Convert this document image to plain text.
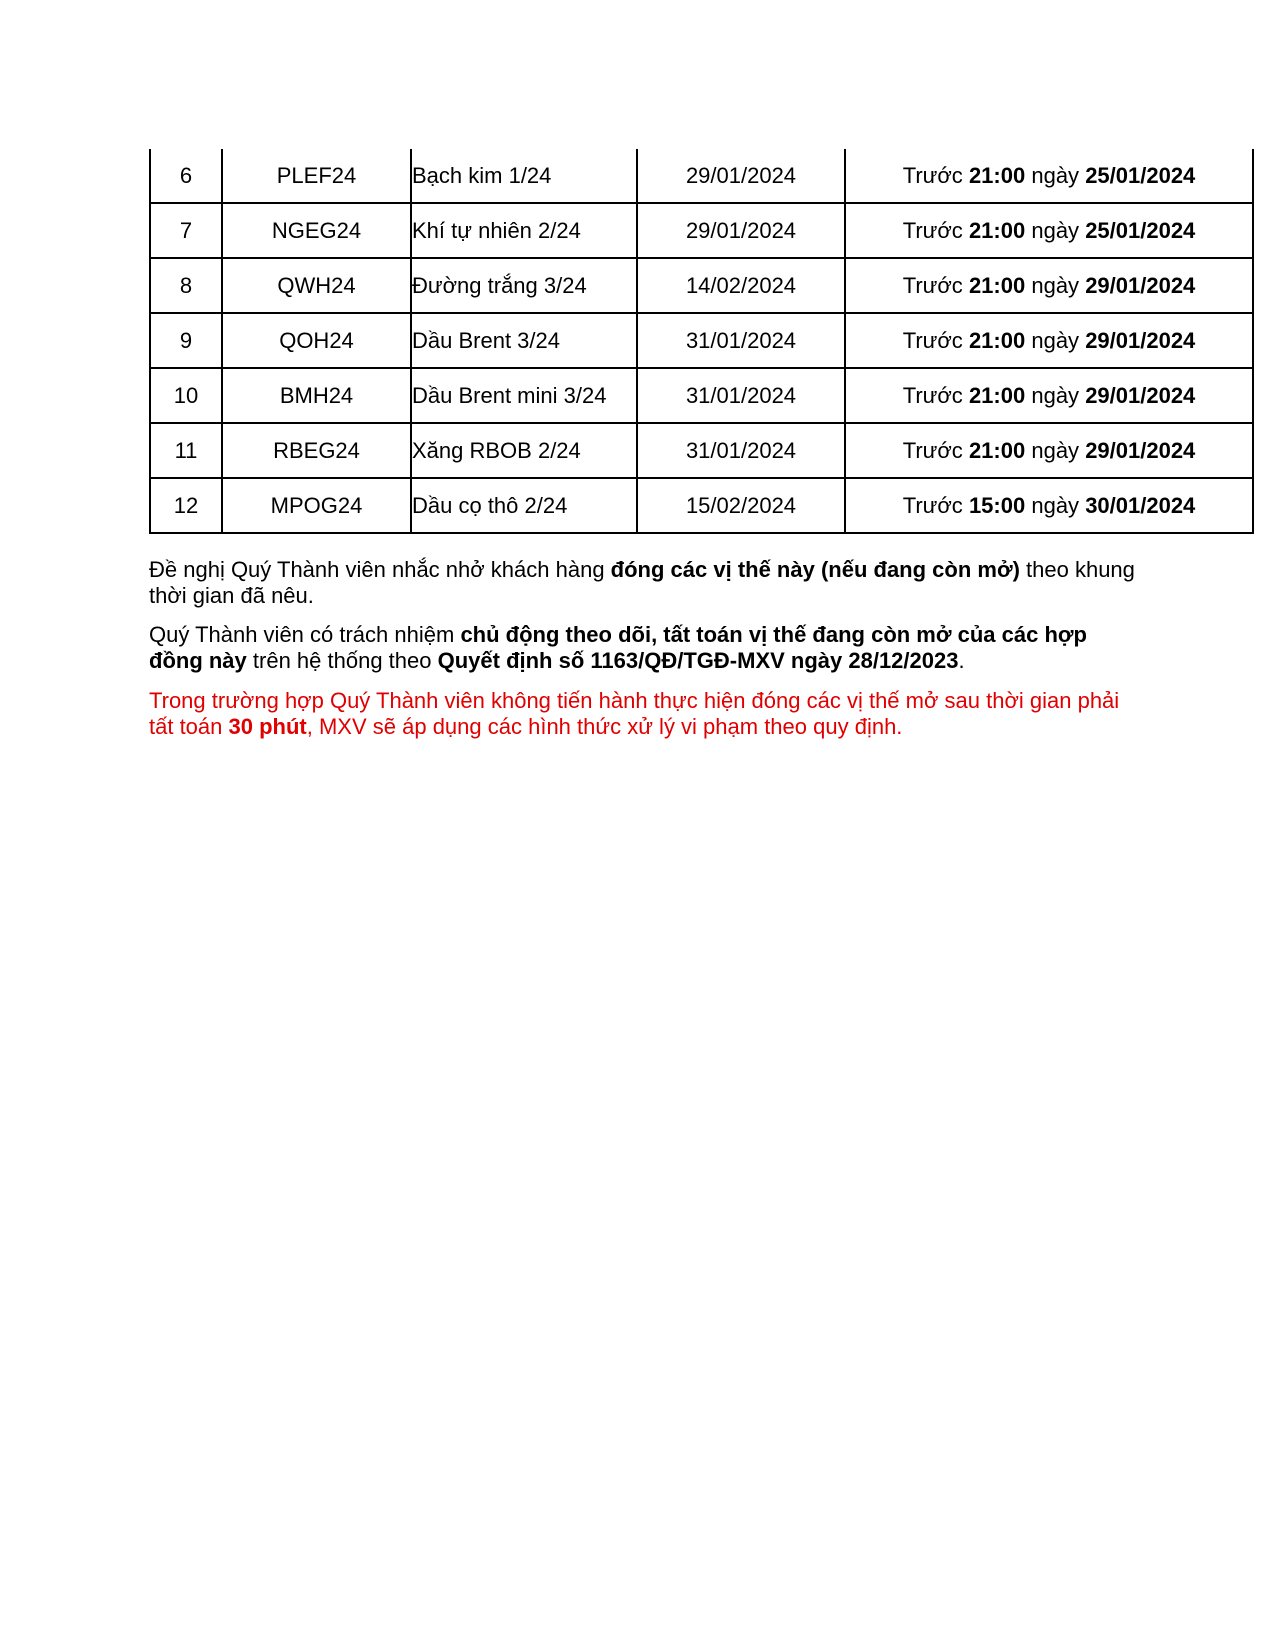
6	PLEF24	Bạch kim 1/24	29/01/2024	Trước 21:00 ngày 25/01/2024
7	NGEG24	Khí tự nhiên 2/24	29/01/2024	Trước 21:00 ngày 25/01/2024
8	QWH24	Đường trắng 3/24	14/02/2024	Trước 21:00 ngày 29/01/2024
9	QOH24	Dầu Brent 3/24	31/01/2024	Trước 21:00 ngày 29/01/2024
10	BMH24	Dầu Brent mini 3/24	31/01/2024	Trước 21:00 ngày 29/01/2024
11	RBEG24	Xăng RBOB 2/24	31/01/2024	Trước 21:00 ngày 29/01/2024
12	MPOG24	Dầu cọ thô 2/24	15/02/2024	Trước 15:00 ngày 30/01/2024

Đề nghị Quý Thành viên nhắc nhở khách hàng đóng các vị thế này (nếu đang còn mở) theo khung thời gian đã nêu.

Quý Thành viên có trách nhiệm chủ động theo dõi, tất toán vị thế đang còn mở của các hợp đồng này trên hệ thống theo Quyết định số 1163/QĐ/TGĐ-MXV ngày 28/12/2023.

Trong trường hợp Quý Thành viên không tiến hành thực hiện đóng các vị thế mở sau thời gian phải tất toán 30 phút, MXV sẽ áp dụng các hình thức xử lý vi phạm theo quy định.
